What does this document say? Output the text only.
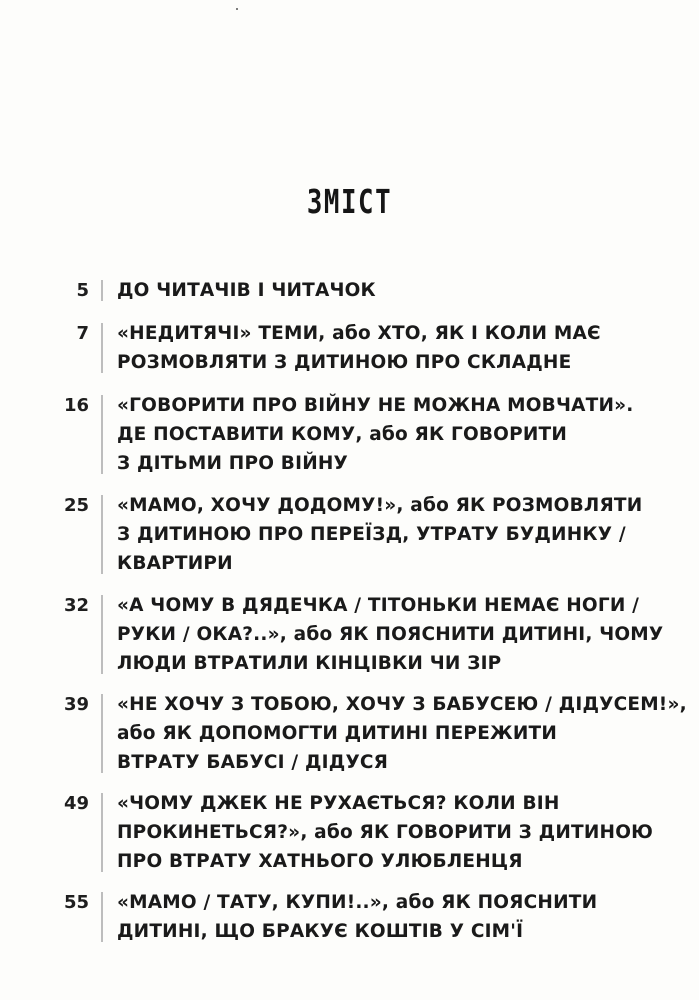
ЗМІСТ
5 ДО ЧИТАЧІВ І ЧИТАЧОК
7 «НЕДИТЯЧІ» ТЕМИ, або ХТО, ЯК І КОЛИ МАЄ
РОЗМОВЛЯТИ З ДИТИНОЮ ПРО СКЛАДНЕ
16 «ГОВОРИТИ ПРО ВІЙНУ НЕ МОЖНА МОВЧАТИ».
ДЕ ПОСТАВИТИ КОМУ, або ЯК ГОВОРИТИ
З ДІТЬМИ ПРО ВІЙНУ
25 «МАМО, ХОЧУ ДОДОМУ!», або ЯК РОЗМОВЛЯТИ
З ДИТИНОЮ ПРО ПЕРЕЇЗД, УТРАТУ БУДИНКУ /
КВАРТИРИ
32 «А ЧОМУ В ДЯДЕЧКА / ТІТОНЬКИ НЕМАЄ НОГИ /
РУКИ / ОКА?..», або ЯК ПОЯСНИТИ ДИТИНІ, ЧОМУ
ЛЮДИ ВТРАТИЛИ КІНЦІВКИ ЧИ ЗІР
39 «НЕ ХОЧУ З ТОБОЮ, ХОЧУ З БАБУСЕЮ / ДІДУСЕМ!»,
або ЯК ДОПОМОГТИ ДИТИНІ ПЕРЕЖИТИ
ВТРАТУ БАБУСІ / ДІДУСЯ
49 «ЧОМУ ДЖЕК НЕ РУХАЄТЬСЯ? КОЛИ ВІН
ПРОКИНЕТЬСЯ?», або ЯК ГОВОРИТИ З ДИТИНОЮ
ПРО ВТРАТУ ХАТНЬОГО УЛЮБЛЕНЦЯ
55 «МАМО / ТАТУ, КУПИ!..», або ЯК ПОЯСНИТИ
ДИТИНІ, ЩО БРАКУЄ КОШТІВ У СІМ'Ї
